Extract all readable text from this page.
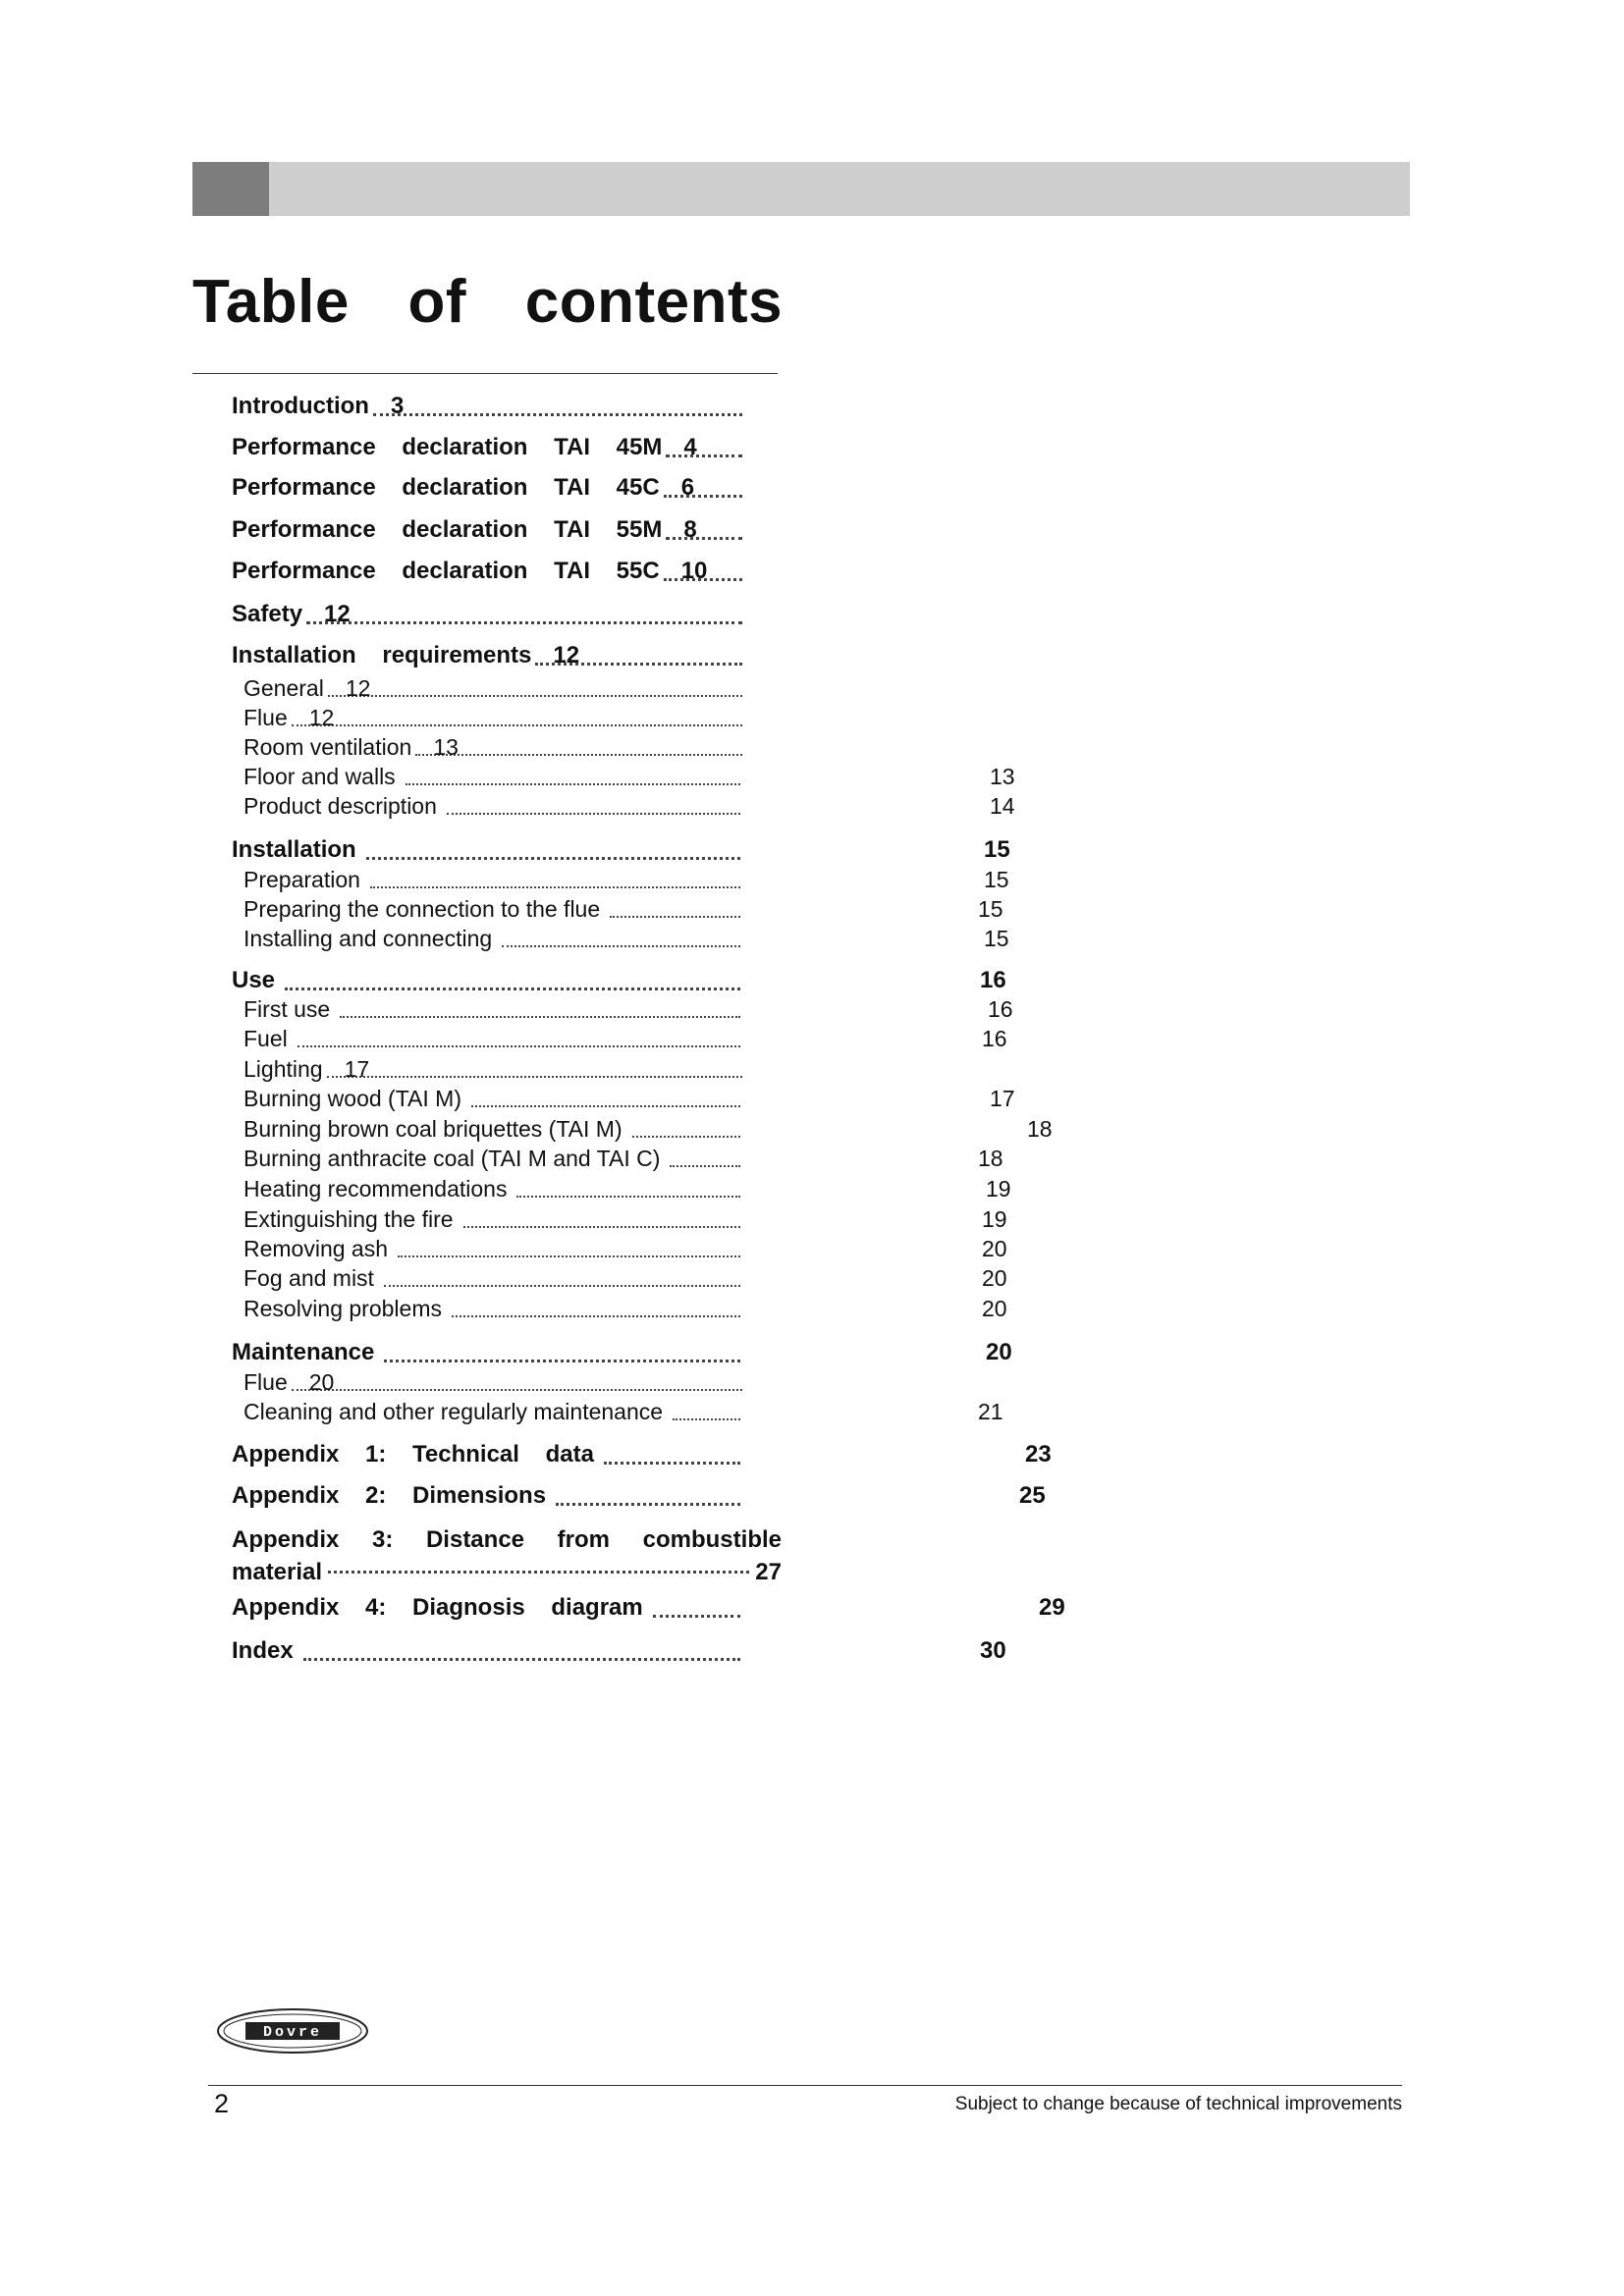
Table of contents
Introduction 3
Performance declaration TAI 45M 4
Performance declaration TAI 45C 6
Performance declaration TAI 55M 8
Performance declaration TAI 55C 10
Safety 12
Installation requirements 12
General 12
Flue 12
Room ventilation 13
Floor and walls	13
Product description	14
Installation	15
Preparation	15
Preparing the connection to the flue	15
Installing and connecting	15
Use	16
First use	16
Fuel	16
Lighting 17
Burning wood (TAI M)	17
Burning brown coal briquettes (TAI M)	18
Burning anthracite coal (TAI M and TAI C)	18
Heating recommendations	19
Extinguishing the fire	19
Removing ash	20
Fog and mist	20
Resolving problems	20
Maintenance	20
Flue 20
Cleaning and other regularly maintenance	21
Appendix 1: Technical data	23
Appendix 2: Dimensions	25
Appendix 3: Distance from combustible
material	27
Appendix 4: Diagnosis diagram	29
Index	30
Dovre
2	Subject to change because of technical improvements
